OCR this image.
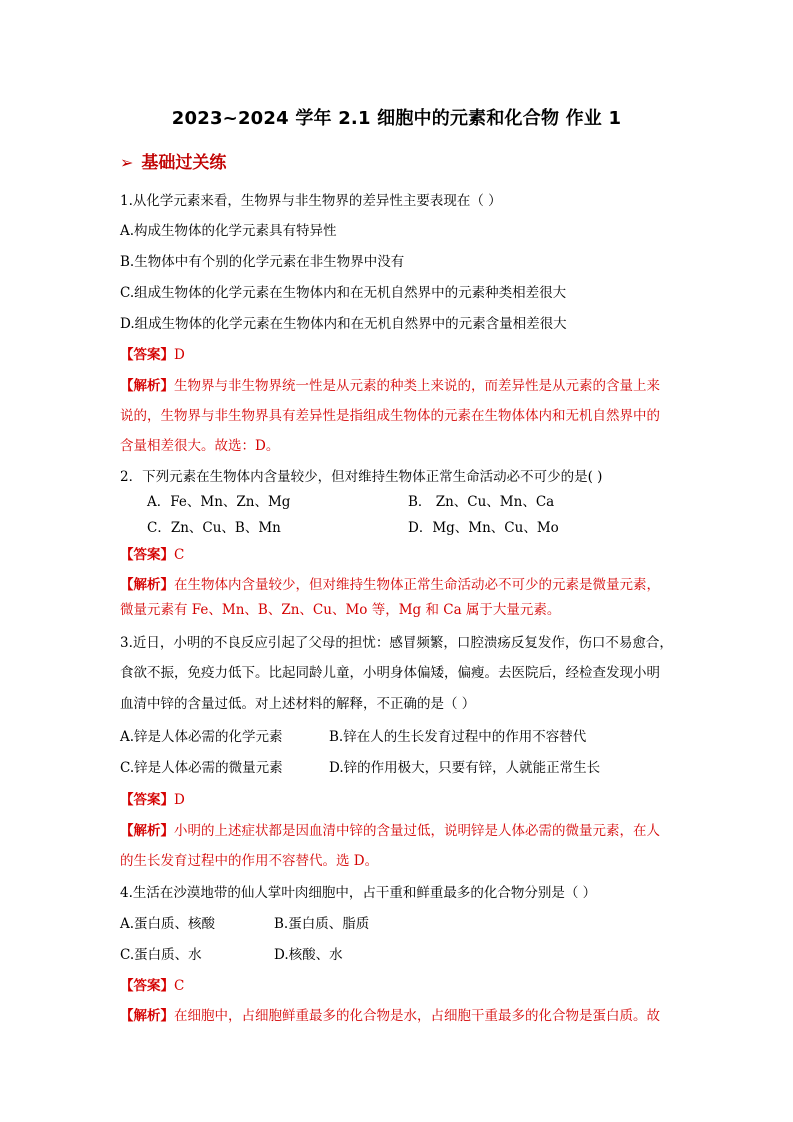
2023~2024 学年 2.1 细胞中的元素和化合物 作业 1
➢ 基础过关练
1.从化学元素来看，生物界与非生物界的差异性主要表现在（ ）
A.构成生物体的化学元素具有特异性
B.生物体中有个别的化学元素在非生物界中没有
C.组成生物体的化学元素在生物体内和在无机自然界中的元素种类相差很大
D.组成生物体的化学元素在生物体内和在无机自然界中的元素含量相差很大
【答案】D
【解析】生物界与非生物界统一性是从元素的种类上来说的，而差异性是从元素的含量上来
说的，生物界与非生物界具有差异性是指组成生物体的元素在生物体体内和无机自然界中的
含量相差很大。故选：D。
2．下列元素在生物体内含量较少，但对维持生物体正常生命活动必不可少的是( )
A．Fe、Mn、Zn、Mg	B． Zn、Cu、Mn、Ca
C．Zn、Cu、B、Mn	D．Mg、Mn、Cu、Mo
【答案】C
【解析】在生物体内含量较少，但对维持生物体正常生命活动必不可少的元素是微量元素，
微量元素有 Fe、Mn、B、Zn、Cu、Mo 等，Mg 和 Ca 属于大量元素。
3.近日，小明的不良反应引起了父母的担忧：感冒频繁，口腔溃疡反复发作，伤口不易愈合，
食欲不振，免疫力低下。比起同龄儿童，小明身体偏矮，偏瘦。去医院后，经检查发现小明
血清中锌的含量过低。对上述材料的解释，不正确的是（ ）
A.锌是人体必需的化学元素	B.锌在人的生长发育过程中的作用不容替代
C.锌是人体必需的微量元素	D.锌的作用极大，只要有锌，人就能正常生长
【答案】D
【解析】小明的上述症状都是因血清中锌的含量过低，说明锌是人体必需的微量元素，在人
的生长发育过程中的作用不容替代。选 D。
4.生活在沙漠地带的仙人掌叶肉细胞中，占干重和鲜重最多的化合物分别是（ ）
A.蛋白质、核酸	B.蛋白质、脂质
C.蛋白质、水	D.核酸、水
【答案】C
【解析】在细胞中，占细胞鲜重最多的化合物是水，占细胞干重最多的化合物是蛋白质。故
